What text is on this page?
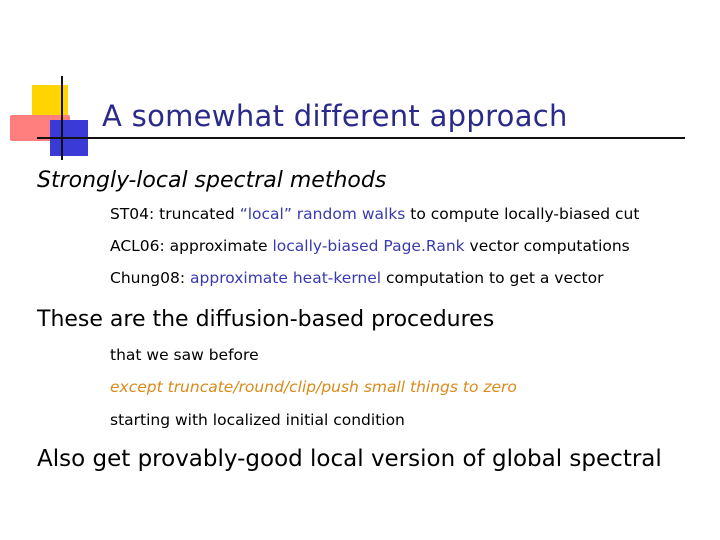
A somewhat different approach
Strongly-local spectral methods
ST04: truncated “local” random walks to compute locally-biased cut
ACL06: approximate locally-biased Page.Rank vector computations
Chung08: approximate heat-kernel computation to get a vector
These are the diffusion-based procedures
that we saw before
except truncate/round/clip/push small things to zero
starting with localized initial condition
Also get provably-good local version of global spectral
